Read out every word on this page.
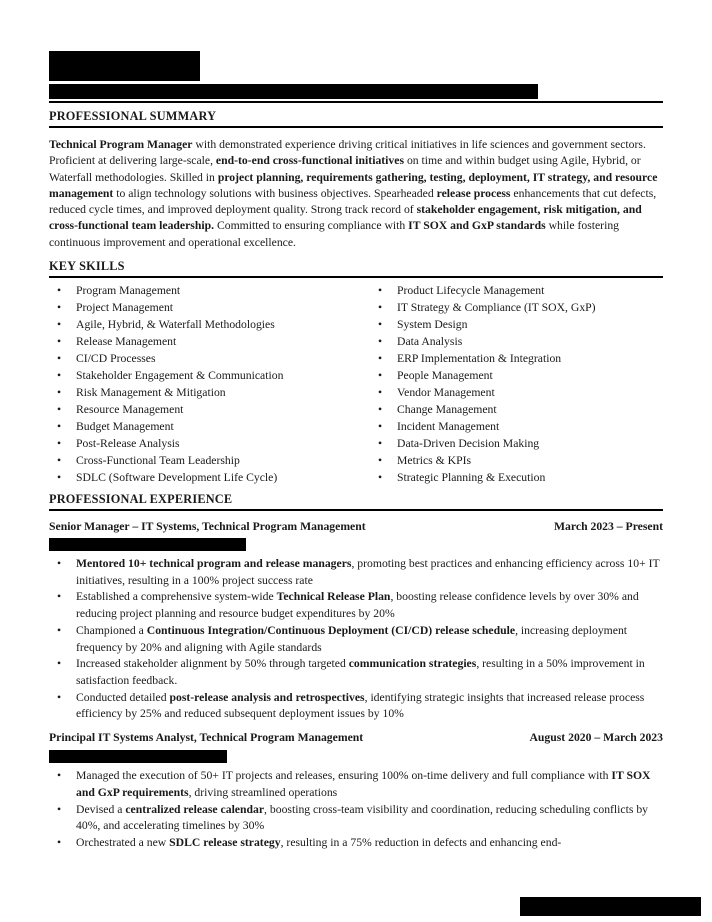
PROFESSIONAL SUMMARY
Technical Program Manager with demonstrated experience driving critical initiatives in life sciences and government sectors. Proficient at delivering large-scale, end-to-end cross-functional initiatives on time and within budget using Agile, Hybrid, or Waterfall methodologies. Skilled in project planning, requirements gathering, testing, deployment, IT strategy, and resource management to align technology solutions with business objectives. Spearheaded release process enhancements that cut defects, reduced cycle times, and improved deployment quality. Strong track record of stakeholder engagement, risk mitigation, and cross-functional team leadership. Committed to ensuring compliance with IT SOX and GxP standards while fostering continuous improvement and operational excellence.
KEY SKILLS
•	Program Management
•	Project Management
•	Agile, Hybrid, & Waterfall Methodologies
•	Release Management
•	CI/CD Processes
•	Stakeholder Engagement & Communication
•	Risk Management & Mitigation
•	Resource Management
•	Budget Management
•	Post-Release Analysis
•	Cross-Functional Team Leadership
•	SDLC (Software Development Life Cycle)
•	Product Lifecycle Management
•	IT Strategy & Compliance (IT SOX, GxP)
•	System Design
•	Data Analysis
•	ERP Implementation & Integration
•	People Management
•	Vendor Management
•	Change Management
•	Incident Management
•	Data-Driven Decision Making
•	Metrics & KPIs
•	Strategic Planning & Execution
PROFESSIONAL EXPERIENCE
Senior Manager – IT Systems, Technical Program Management	March 2023 – Present
•	Mentored 10+ technical program and release managers, promoting best practices and enhancing efficiency across 10+ IT initiatives, resulting in a 100% project success rate
•	Established a comprehensive system-wide Technical Release Plan, boosting release confidence levels by over 30% and reducing project planning and resource budget expenditures by 20%
•	Championed a Continuous Integration/Continuous Deployment (CI/CD) release schedule, increasing deployment frequency by 20% and aligning with Agile standards
•	Increased stakeholder alignment by 50% through targeted communication strategies, resulting in a 50% improvement in satisfaction feedback.
•	Conducted detailed post-release analysis and retrospectives, identifying strategic insights that increased release process efficiency by 25% and reduced subsequent deployment issues by 10%
Principal IT Systems Analyst, Technical Program Management	August 2020 – March 2023
•	Managed the execution of 50+ IT projects and releases, ensuring 100% on-time delivery and full compliance with IT SOX and GxP requirements, driving streamlined operations
•	Devised a centralized release calendar, boosting cross-team visibility and coordination, reducing scheduling conflicts by 40%, and accelerating timelines by 30%
•	Orchestrated a new SDLC release strategy, resulting in a 75% reduction in defects and enhancing end-
